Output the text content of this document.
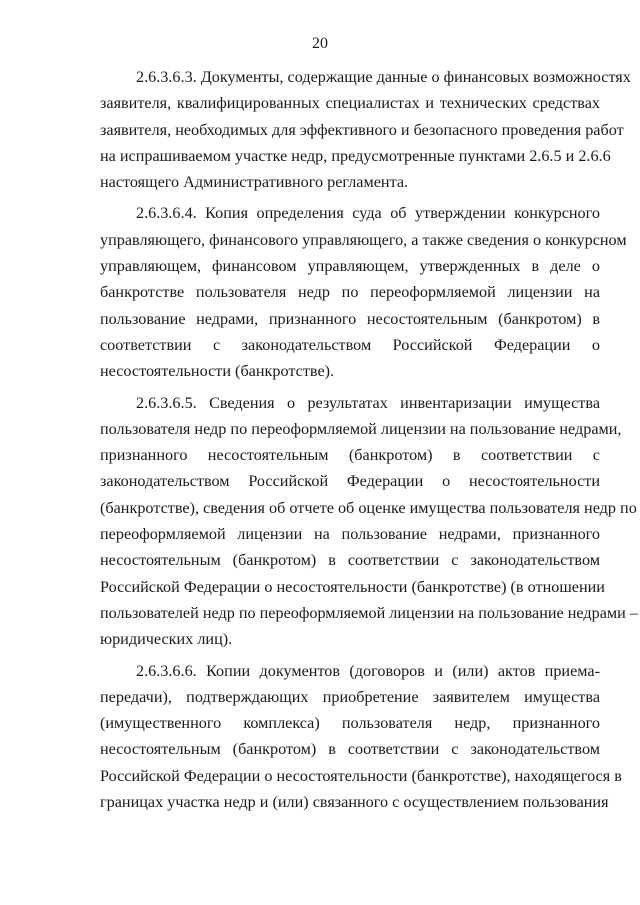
20
2.6.3.6.3. Документы, содержащие данные о финансовых возможностях
заявителя, квалифицированных специалистах и технических средствах
заявителя, необходимых для эффективного и безопасного проведения работ
на испрашиваемом участке недр, предусмотренные пунктами 2.6.5 и 2.6.6
настоящего Административного регламента.
2.6.3.6.4. Копия определения суда об утверждении конкурсного
управляющего, финансового управляющего, а также сведения о конкурсном
управляющем, финансовом управляющем, утвержденных в деле о
банкротстве пользователя недр по переоформляемой лицензии на
пользование недрами, признанного несостоятельным (банкротом) в
соответствии с законодательством Российской Федерации о
несостоятельности (банкротстве).
2.6.3.6.5. Сведения о результатах инвентаризации имущества
пользователя недр по переоформляемой лицензии на пользование недрами,
признанного несостоятельным (банкротом) в соответствии с
законодательством Российской Федерации о несостоятельности
(банкротстве), сведения об отчете об оценке имущества пользователя недр по
переоформляемой лицензии на пользование недрами, признанного
несостоятельным (банкротом) в соответствии с законодательством
Российской Федерации о несостоятельности (банкротстве) (в отношении
пользователей недр по переоформляемой лицензии на пользование недрами –
юридических лиц).
2.6.3.6.6. Копии документов (договоров и (или) актов приема-
передачи), подтверждающих приобретение заявителем имущества
(имущественного комплекса) пользователя недр, признанного
несостоятельным (банкротом) в соответствии с законодательством
Российской Федерации о несостоятельности (банкротстве), находящегося в
границах участка недр и (или) связанного с осуществлением пользования
